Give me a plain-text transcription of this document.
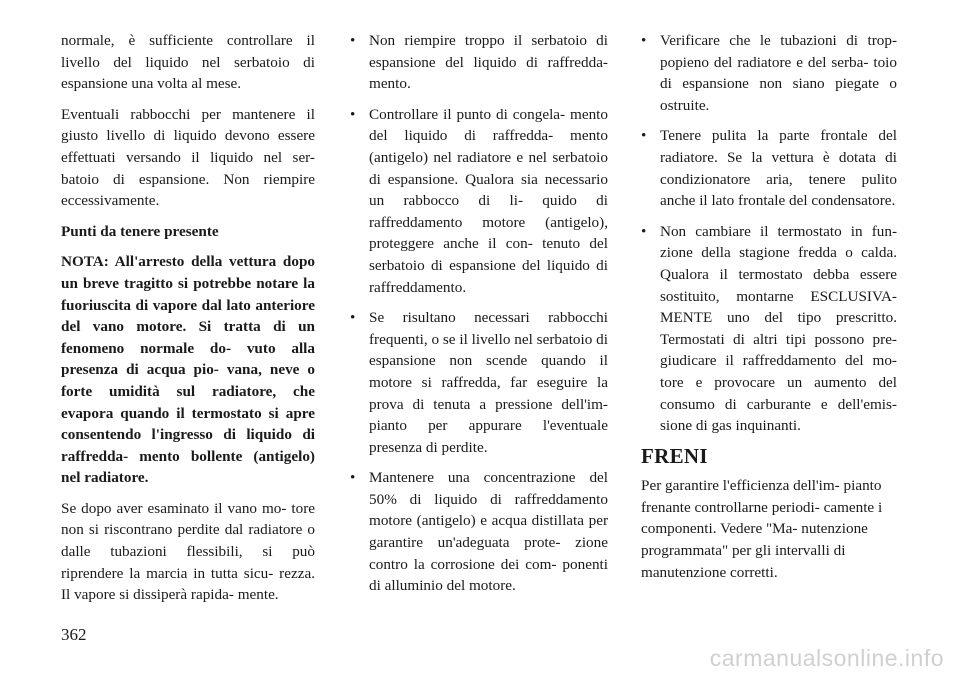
normale, è sufficiente controllare il livello del liquido nel serbatoio di espansione una volta al mese.

Eventuali rabbocchi per mantenere il giusto livello di liquido devono essere effettuati versando il liquido nel ser- batoio di espansione. Non riempire eccessivamente.

Punti da tenere presente

NOTA: All'arresto della vettura dopo un breve tragitto si potrebbe notare la fuoriuscita di vapore dal lato anteriore del vano motore. Si tratta di un fenomeno normale do- vuto alla presenza di acqua pio- vana, neve o forte umidità sul radiatore, che evapora quando il termostato si apre consentendo l'ingresso di liquido di raffredda- mento bollente (antigelo) nel radiatore.

Se dopo aver esaminato il vano mo- tore non si riscontrano perdite dal radiatore o dalle tubazioni flessibili, si può riprendere la marcia in tutta sicu- rezza. Il vapore si dissiperà rapida- mente.

• Non riempire troppo il serbatoio di espansione del liquido di raffredda- mento.
• Controllare il punto di congela- mento del liquido di raffredda- mento (antigelo) nel radiatore e nel serbatoio di espansione. Qualora sia necessario un rabbocco di li- quido di raffreddamento motore (antigelo), proteggere anche il con- tenuto del serbatoio di espansione del liquido di raffreddamento.
• Se risultano necessari rabbocchi frequenti, o se il livello nel serbatoio di espansione non scende quando il motore si raffredda, far eseguire la prova di tenuta a pressione dell'im- pianto per appurare l'eventuale presenza di perdite.
• Mantenere una concentrazione del 50% di liquido di raffreddamento motore (antigelo) e acqua distillata per garantire un'adeguata prote- zione contro la corrosione dei com- ponenti di alluminio del motore.
• Verificare che le tubazioni di trop- popieno del radiatore e del serba- toio di espansione non siano piegate o ostruite.
• Tenere pulita la parte frontale del radiatore. Se la vettura è dotata di condizionatore aria, tenere pulito anche il lato frontale del condensatore.
• Non cambiare il termostato in fun- zione della stagione fredda o calda. Qualora il termostato debba essere sostituito, montarne ESCLUSIVA- MENTE uno del tipo prescritto. Termostati di altri tipi possono pre- giudicare il raffreddamento del mo- tore e provocare un aumento del consumo di carburante e dell'emis- sione di gas inquinanti.
FRENI

Per garantire l'efficienza dell'im- pianto frenante controllarne periodi- camente i componenti. Vedere "Ma- nutenzione programmata" per gli intervalli di manutenzione corretti.

362
carmanualsonline.info
